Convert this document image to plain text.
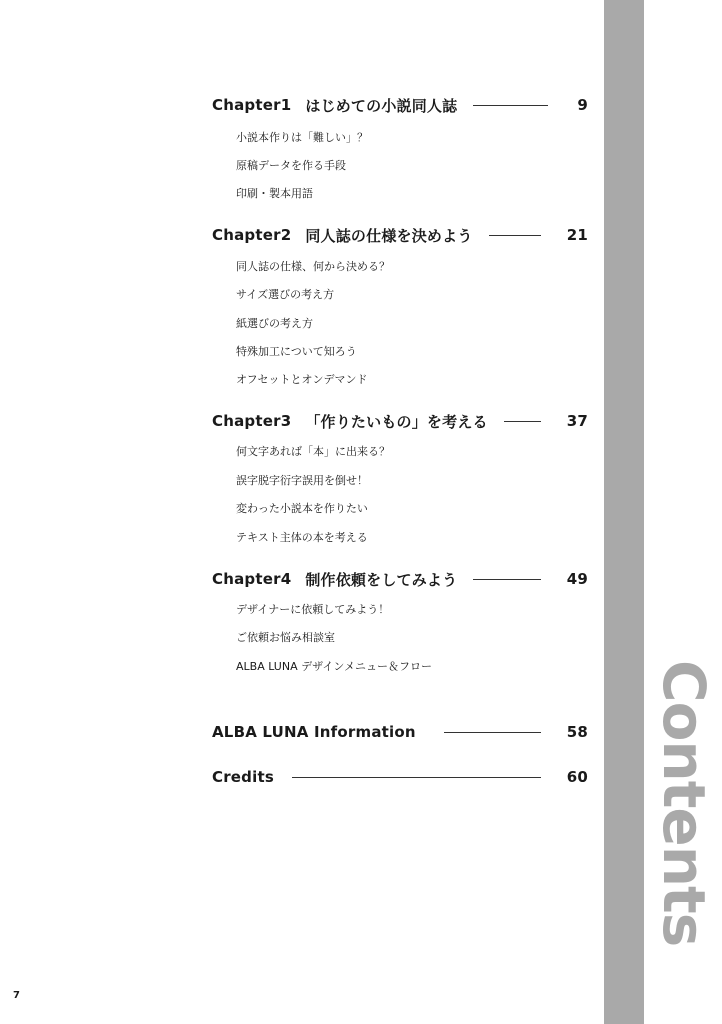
Contents
7
Chapter1 はじめての小説同人誌	9
小説本作りは「難しい」？
原稿データを作る手段
印刷・製本用語
Chapter2 同人誌の仕様を決めよう	21
同人誌の仕様、何から決める？
サイズ選びの考え方
紙選びの考え方
特殊加工について知ろう
オフセットとオンデマンド
Chapter3 「作りたいもの」を考える	37
何文字あれば「本」に出来る？
誤字脱字衍字誤用を倒せ！
変わった小説本を作りたい
テキスト主体の本を考える
Chapter4 制作依頼をしてみよう	49
デザイナーに依頼してみよう！
ご依頼お悩み相談室
ALBA LUNA デザインメニュー＆フロー
ALBA LUNA Information	58
Credits	60
